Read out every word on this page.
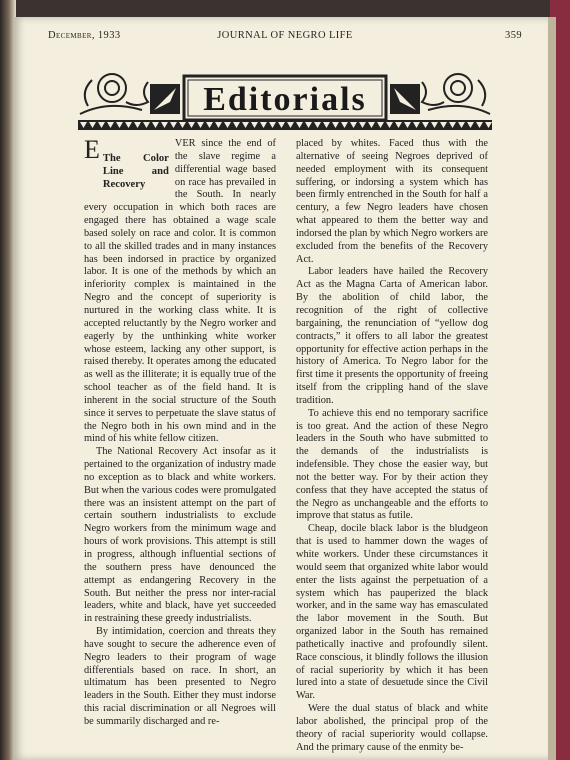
December, 1933	JOURNAL OF NEGRO LIFE	359
Editorials

E The Color Line and Recovery
VER since the end of the slave regime a differential wage based on race has prevailed in the South. In nearly every occupation in which both races are engaged there has obtained a wage scale based solely on race and color. It is common to all the skilled trades and in many instances has been indorsed in practice by organized labor. It is one of the methods by which an inferiority complex is maintained in the Negro and the concept of superiority is nurtured in the working class white. It is accepted reluctantly by the Negro worker and eagerly by the unthinking white worker whose esteem, lacking any other support, is raised thereby. It operates among the educated as well as the illiterate; it is equally true of the school teacher as of the field hand. It is inherent in the social structure of the South since it serves to perpetuate the slave status of the Negro both in his own mind and in the mind of his white fellow citizen.

The National Recovery Act insofar as it pertained to the organization of industry made no exception as to black and white workers. But when the various codes were promulgated there was an insistent attempt on the part of certain southern industrialists to exclude Negro workers from the minimum wage and hours of work provisions. This attempt is still in progress, although influential sections of the southern press have denounced the attempt as endangering Recovery in the South. But neither the press nor inter-racial leaders, white and black, have yet succeeded in restraining these greedy industrialists.

By intimidation, coercion and threats they have sought to secure the adherence even of Negro leaders to their program of wage differentials based on race. In short, an ultimatum has been presented to Negro leaders in the South. Either they must indorse this racial discrimination or all Negroes will be summarily discharged and re-

placed by whites. Faced thus with the alternative of seeing Negroes deprived of needed employment with its consequent suffering, or indorsing a system which has been firmly entrenched in the South for half a century, a few Negro leaders have chosen what appeared to them the better way and indorsed the plan by which Negro workers are excluded from the benefits of the Recovery Act.

Labor leaders have hailed the Recovery Act as the Magna Carta of American labor. By the abolition of child labor, the recognition of the right of collective bargaining, the renunciation of “yellow dog contracts,” it offers to all labor the greatest opportunity for effective action perhaps in the history of America. To Negro labor for the first time it presents the opportunity of freeing itself from the crippling hand of the slave tradition.

To achieve this end no temporary sacrifice is too great. And the action of these Negro leaders in the South who have submitted to the demands of the industrialists is indefensible. They chose the easier way, but not the better way. For by their action they confess that they have accepted the status of the Negro as unchangeable and the efforts to improve that status as futile.

Cheap, docile black labor is the bludgeon that is used to hammer down the wages of white workers. Under these circumstances it would seem that organized white labor would enter the lists against the perpetuation of a system which has pauperized the black worker, and in the same way has emasculated the labor movement in the South. But organized labor in the South has remained pathetically inactive and profoundly silent. Race conscious, it blindly follows the illusion of racial superiority by which it has been lured into a state of desuetude since the Civil War.

Were the dual status of black and white labor abolished, the principal prop of the theory of racial superiority would collapse. And the primary cause of the enmity be-
